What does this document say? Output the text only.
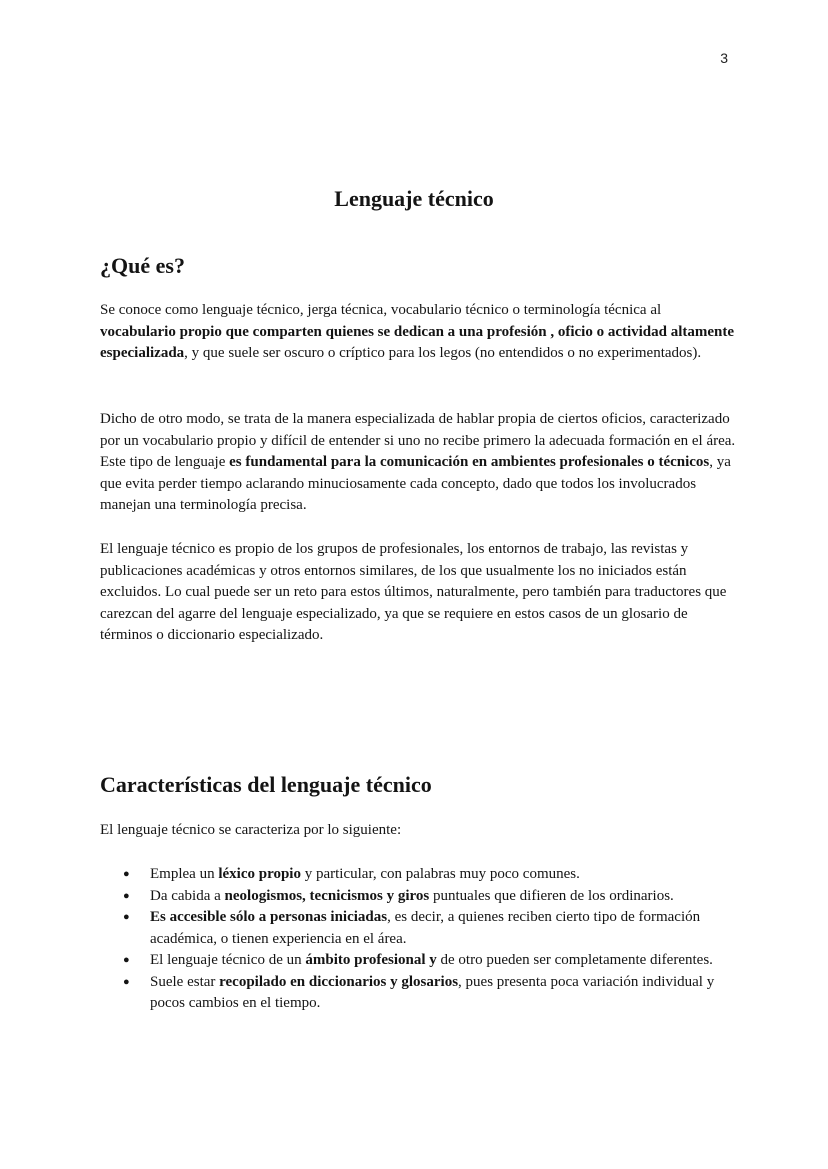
3
Lenguaje técnico
¿Qué es?

Se conoce como lenguaje técnico, jerga técnica, vocabulario técnico o terminología técnica al vocabulario propio que comparten quienes se dedican a una profesión , oficio o actividad altamente especializada, y que suele ser oscuro o críptico para los legos (no entendidos o no experimentados).

Dicho de otro modo, se trata de la manera especializada de hablar propia de ciertos oficios, caracterizado por un vocabulario propio y difícil de entender si uno no recibe primero la adecuada formación en el área. Este tipo de lenguaje es fundamental para la comunicación en ambientes profesionales o técnicos, ya que evita perder tiempo aclarando minuciosamente cada concepto, dado que todos los involucrados manejan una terminología precisa.

El lenguaje técnico es propio de los grupos de profesionales, los entornos de trabajo, las revistas y publicaciones académicas y otros entornos similares, de los que usualmente los no iniciados están excluidos. Lo cual puede ser un reto para estos últimos, naturalmente, pero también para traductores que carezcan del agarre del lenguaje especializado, ya que se requiere en estos casos de un glosario de términos o diccionario especializado.

Características del lenguaje técnico

El lenguaje técnico se caracteriza por lo siguiente:

● Emplea un léxico propio y particular, con palabras muy poco comunes.
● Da cabida a neologismos, tecnicismos y giros puntuales que difieren de los ordinarios.
● Es accesible sólo a personas iniciadas, es decir, a quienes reciben cierto tipo de formación académica, o tienen experiencia en el área.
● El lenguaje técnico de un ámbito profesional y de otro pueden ser completamente diferentes.
● Suele estar recopilado en diccionarios y glosarios, pues presenta poca variación individual y pocos cambios en el tiempo.
